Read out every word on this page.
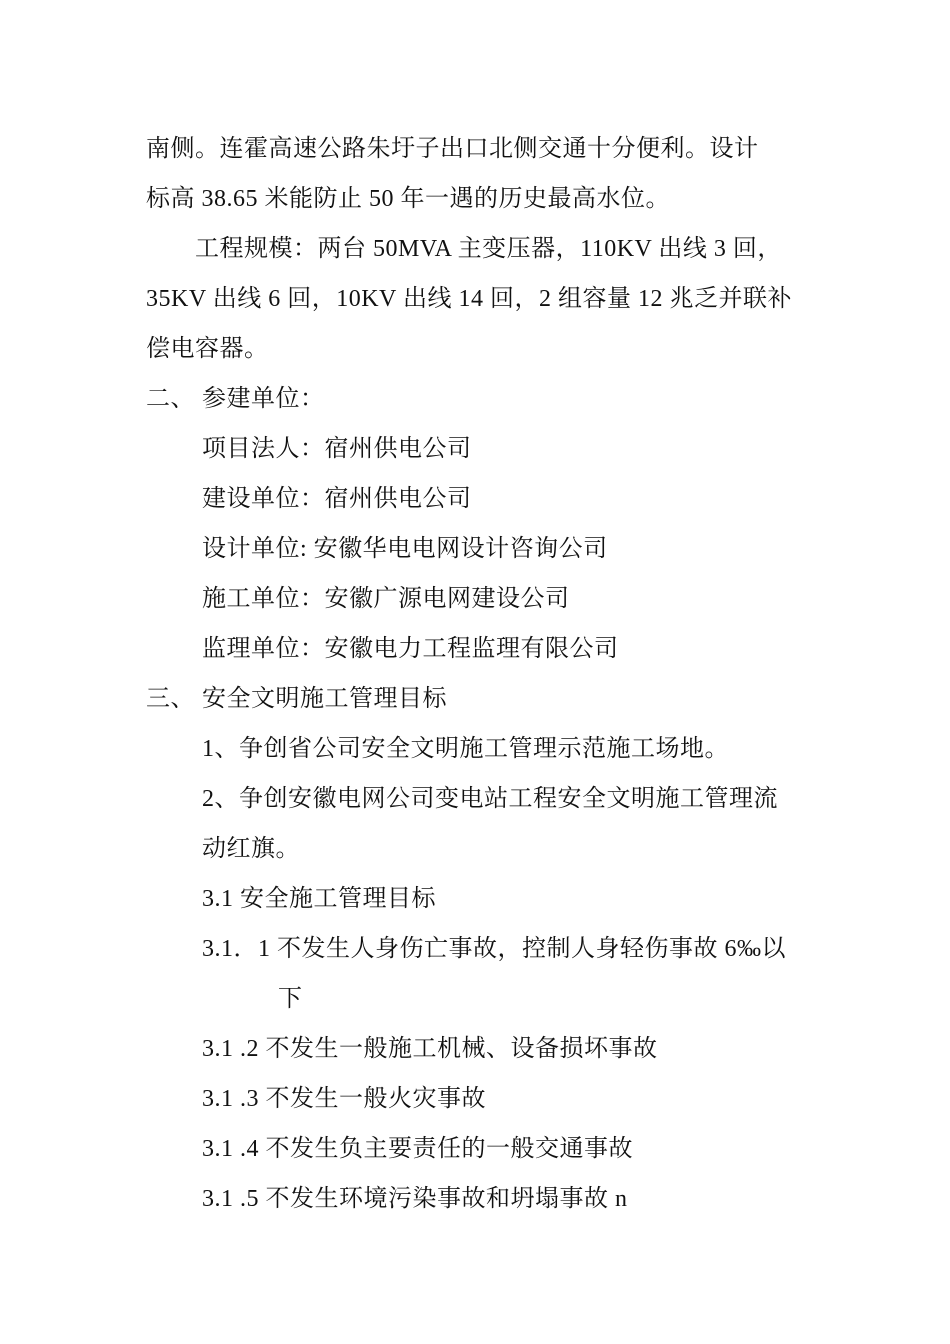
南侧。连霍高速公路朱圩子出口北侧交通十分便利。设计
标高 38.65 米能防止 50 年一遇的历史最高水位。
工程规模：两台 50MVA 主变压器，110KV 出线 3 回，
35KV 出线 6 回，10KV 出线 14 回，2 组容量 12 兆乏并联补
偿电容器。
二、 参建单位：
项目法人：宿州供电公司
建设单位：宿州供电公司
设计单位: 安徽华电电网设计咨询公司
施工单位：安徽广源电网建设公司
监理单位：安徽电力工程监理有限公司
三、 安全文明施工管理目标
1、争创省公司安全文明施工管理示范施工场地。
2、争创安徽电网公司变电站工程安全文明施工管理流
动红旗。
3.1 安全施工管理目标
3.1．1 不发生人身伤亡事故，控制人身轻伤事故 6‰以
下
3.1 .2 不发生一般施工机械、设备损坏事故
3.1 .3 不发生一般火灾事故
3.1 .4 不发生负主要责任的一般交通事故
3.1 .5 不发生环境污染事故和坍塌事故 n
